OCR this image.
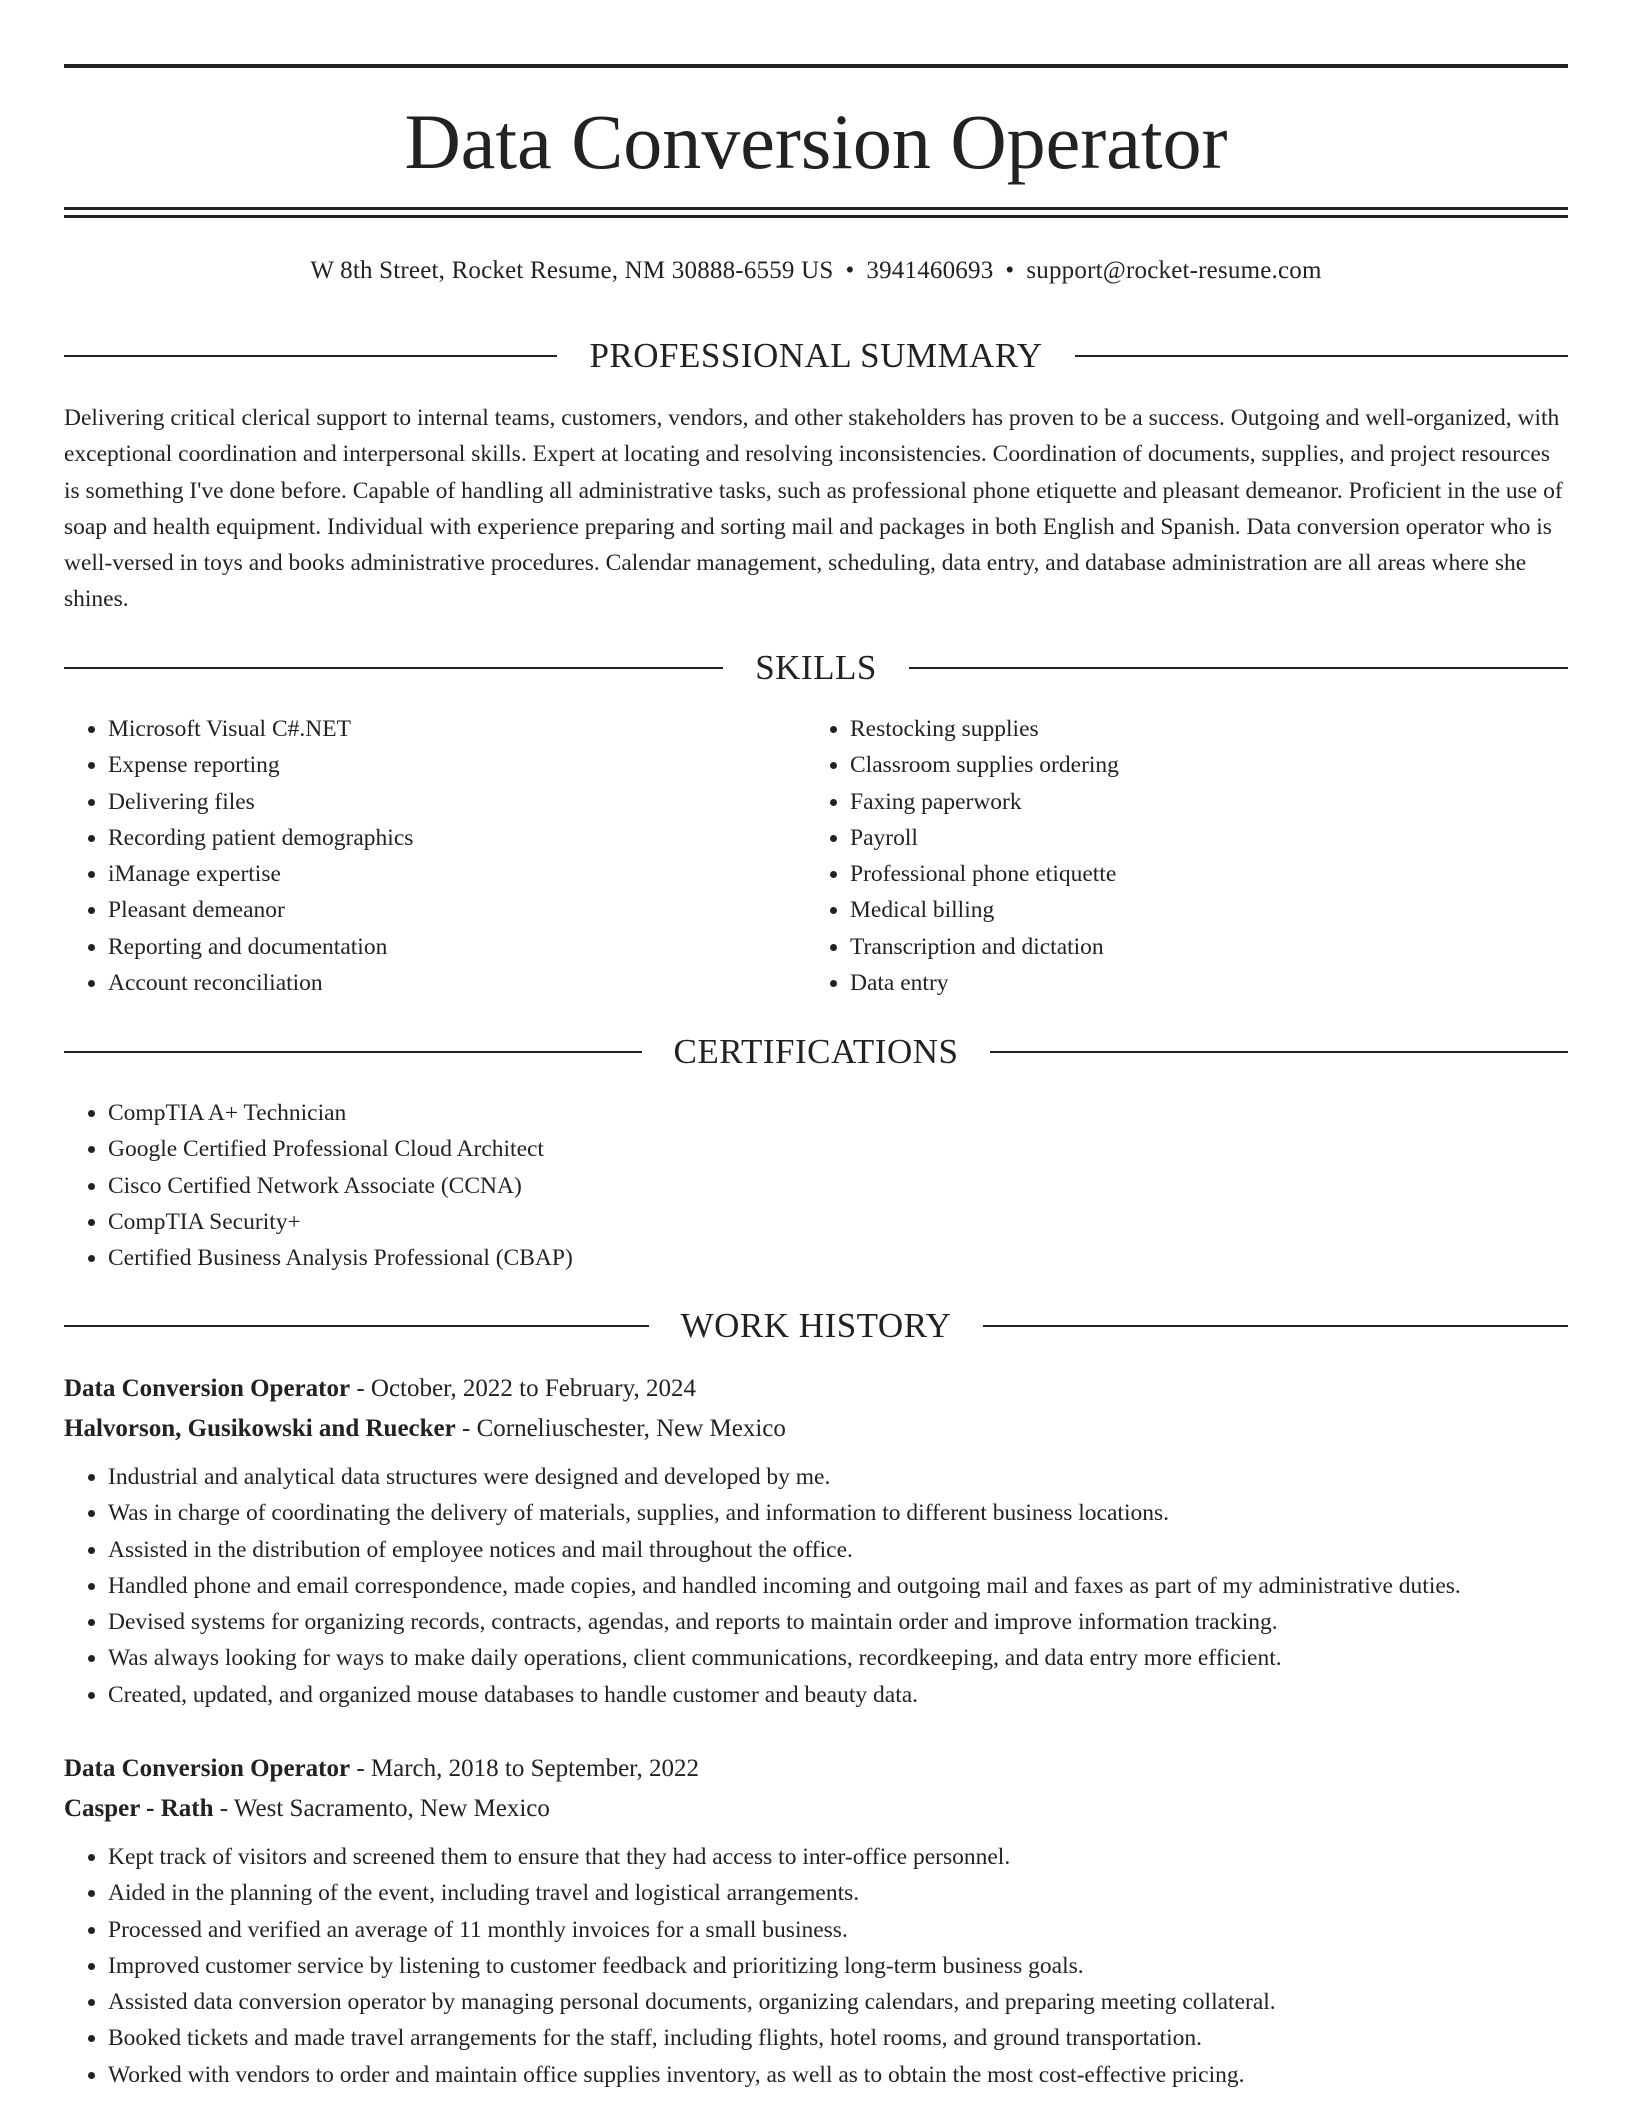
Data Conversion Operator
W 8th Street, Rocket Resume, NM 30888-6559 US • 3941460693 • support@rocket-resume.com
PROFESSIONAL SUMMARY

Delivering critical clerical support to internal teams, customers, vendors, and other stakeholders has proven to be a success. Outgoing and well-organized, with exceptional coordination and interpersonal skills. Expert at locating and resolving inconsistencies. Coordination of documents, supplies, and project resources is something I've done before. Capable of handling all administrative tasks, such as professional phone etiquette and pleasant demeanor. Proficient in the use of soap and health equipment. Individual with experience preparing and sorting mail and packages in both English and Spanish. Data conversion operator who is well-versed in toys and books administrative procedures. Calendar management, scheduling, data entry, and database administration are all areas where she shines.

SKILLS
• Microsoft Visual C#.NET
• Expense reporting
• Delivering files
• Recording patient demographics
• iManage expertise
• Pleasant demeanor
• Reporting and documentation
• Account reconciliation
• Restocking supplies
• Classroom supplies ordering
• Faxing paperwork
• Payroll
• Professional phone etiquette
• Medical billing
• Transcription and dictation
• Data entry
CERTIFICATIONS
• CompTIA A+ Technician
• Google Certified Professional Cloud Architect
• Cisco Certified Network Associate (CCNA)
• CompTIA Security+
• Certified Business Analysis Professional (CBAP)
WORK HISTORY
Data Conversion Operator - October, 2022 to February, 2024
Halvorson, Gusikowski and Ruecker - Corneliuschester, New Mexico
• Industrial and analytical data structures were designed and developed by me.
• Was in charge of coordinating the delivery of materials, supplies, and information to different business locations.
• Assisted in the distribution of employee notices and mail throughout the office.
• Handled phone and email correspondence, made copies, and handled incoming and outgoing mail and faxes as part of my administrative duties.
• Devised systems for organizing records, contracts, agendas, and reports to maintain order and improve information tracking.
• Was always looking for ways to make daily operations, client communications, recordkeeping, and data entry more efficient.
• Created, updated, and organized mouse databases to handle customer and beauty data.
Data Conversion Operator - March, 2018 to September, 2022
Casper - Rath - West Sacramento, New Mexico
• Kept track of visitors and screened them to ensure that they had access to inter-office personnel.
• Aided in the planning of the event, including travel and logistical arrangements.
• Processed and verified an average of 11 monthly invoices for a small business.
• Improved customer service by listening to customer feedback and prioritizing long-term business goals.
• Assisted data conversion operator by managing personal documents, organizing calendars, and preparing meeting collateral.
• Booked tickets and made travel arrangements for the staff, including flights, hotel rooms, and ground transportation.
• Worked with vendors to order and maintain office supplies inventory, as well as to obtain the most cost-effective pricing.
